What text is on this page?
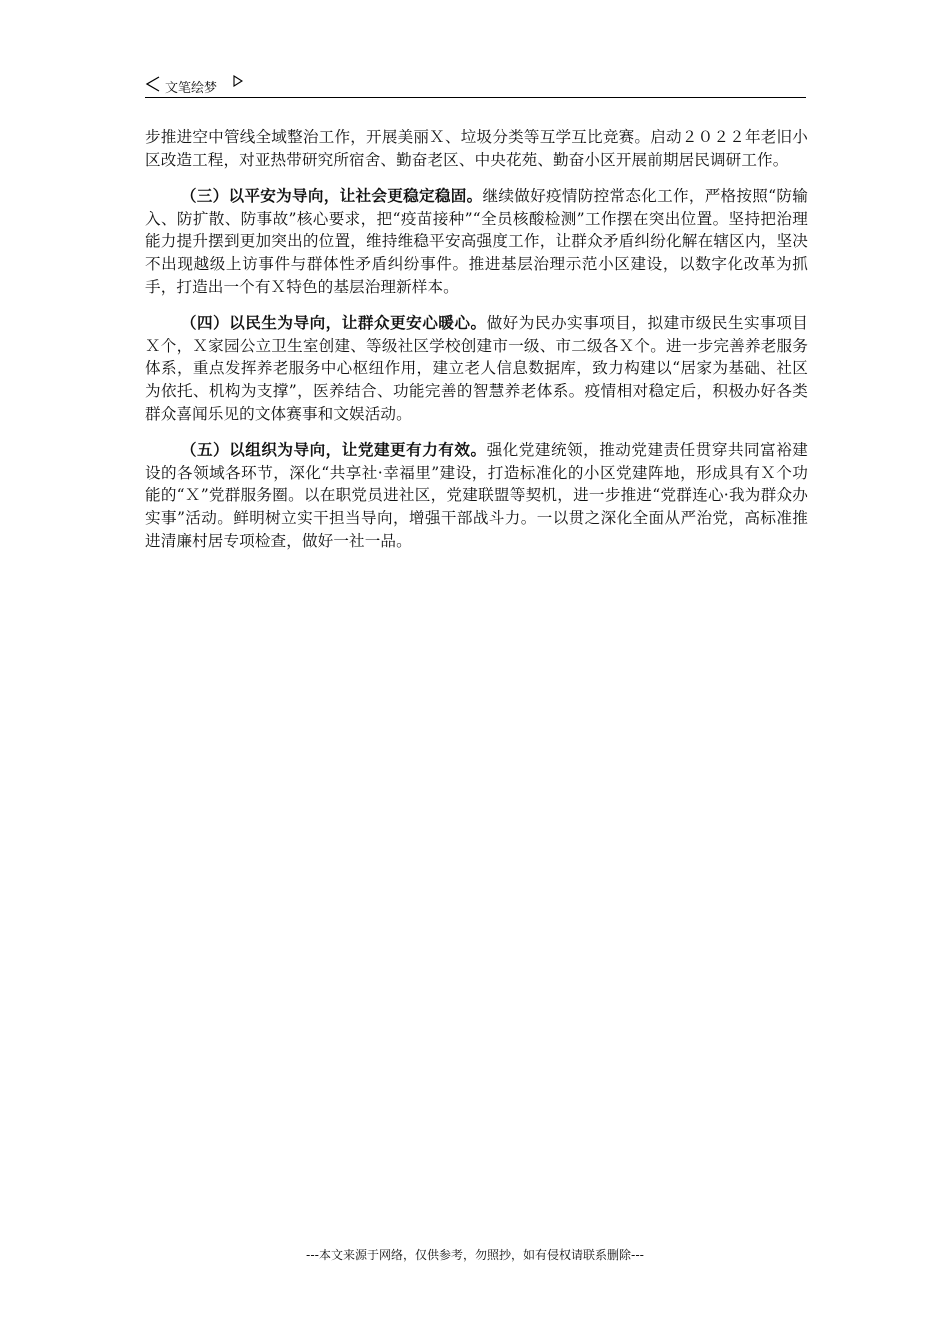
文笔绘梦

步推进空中管线全域整治工作，开展美丽Ｘ、垃圾分类等互学互比竞赛。启动２０２２年老旧小区改造工程，对亚热带研究所宿舍、勤奋老区、中央花苑、勤奋小区开展前期居民调研工作。

（三）以平安为导向，让社会更稳定稳固。继续做好疫情防控常态化工作，严格按照“防输入、防扩散、防事故”核心要求，把“疫苗接种”“全员核酸检测”工作摆在突出位置。坚持把治理能力提升摆到更加突出的位置，维持维稳平安高强度工作，让群众矛盾纠纷化解在辖区内，坚决不出现越级上访事件与群体性矛盾纠纷事件。推进基层治理示范小区建设，以数字化改革为抓手，打造出一个有Ｘ特色的基层治理新样本。

（四）以民生为导向，让群众更安心暖心。做好为民办实事项目，拟建市级民生实事项目Ｘ个，Ｘ家园公立卫生室创建、等级社区学校创建市一级、市二级各Ｘ个。进一步完善养老服务体系，重点发挥养老服务中心枢纽作用，建立老人信息数据库，致力构建以“居家为基础、社区为依托、机构为支撑”，医养结合、功能完善的智慧养老体系。疫情相对稳定后，积极办好各类群众喜闻乐见的文体赛事和文娱活动。

（五）以组织为导向，让党建更有力有效。强化党建统领，推动党建责任贯穿共同富裕建设的各领域各环节，深化“共享社·幸福里”建设，打造标准化的小区党建阵地，形成具有Ｘ个功能的“Ｘ”党群服务圈。以在职党员进社区，党建联盟等契机，进一步推进“党群连心·我为群众办实事”活动。鲜明树立实干担当导向，增强干部战斗力。一以贯之深化全面从严治党，高标准推进清廉村居专项检查，做好一社一品。

---本文来源于网络，仅供参考，勿照抄，如有侵权请联系删除---
